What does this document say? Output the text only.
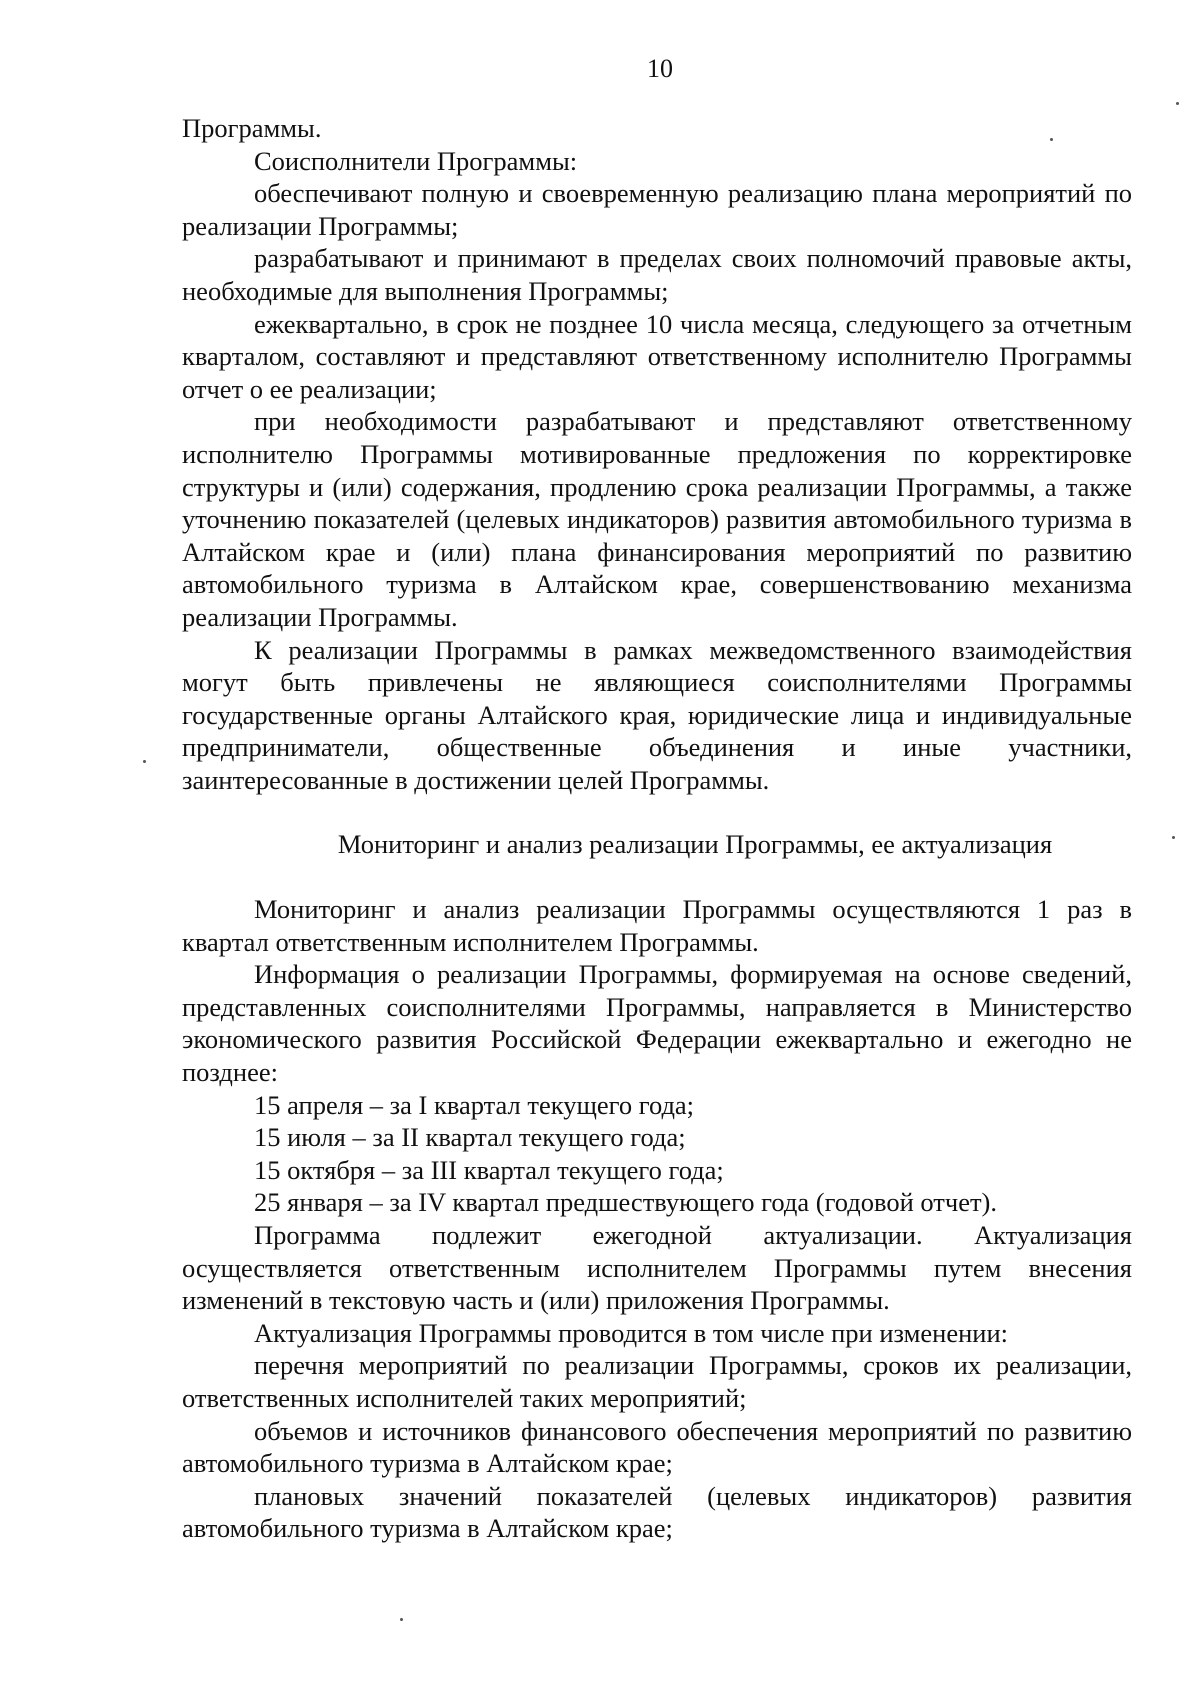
10

Программы.

Соисполнители Программы:

обеспечивают полную и своевременную реализацию плана мероприятий по реализации Программы;

разрабатывают и принимают в пределах своих полномочий правовые акты, необходимые для выполнения Программы;

ежеквартально, в срок не позднее 10 числа месяца, следующего за отчетным кварталом, составляют и представляют ответственному исполнителю Программы отчет о ее реализации;

при необходимости разрабатывают и представляют ответственному исполнителю Программы мотивированные предложения по корректировке структуры и (или) содержания, продлению срока реализации Программы, а также уточнению показателей (целевых индикаторов) развития автомобильного туризма в Алтайском крае и (или) плана финансирования мероприятий по развитию автомобильного туризма в Алтайском крае, совершенствованию механизма реализации Программы.

К реализации Программы в рамках межведомственного взаимодействия могут быть привлечены не являющиеся соисполнителями Программы государственные органы Алтайского края, юридические лица и индивидуальные предприниматели, общественные объединения и иные участники, заинтересованные в достижении целей Программы.

Мониторинг и анализ реализации Программы, ее актуализация

Мониторинг и анализ реализации Программы осуществляются 1 раз в квартал ответственным исполнителем Программы.

Информация о реализации Программы, формируемая на основе сведений, представленных соисполнителями Программы, направляется в Министерство экономического развития Российской Федерации ежеквартально и ежегодно не позднее:

15 апреля – за I квартал текущего года;

15 июля – за II квартал текущего года;

15 октября – за III квартал текущего года;

25 января – за IV квартал предшествующего года (годовой отчет).

Программа подлежит ежегодной актуализации. Актуализация осуществляется ответственным исполнителем Программы путем внесения изменений в текстовую часть и (или) приложения Программы.

Актуализация Программы проводится в том числе при изменении:

перечня мероприятий по реализации Программы, сроков их реализации, ответственных исполнителей таких мероприятий;

объемов и источников финансового обеспечения мероприятий по развитию автомобильного туризма в Алтайском крае;

плановых значений показателей (целевых индикаторов) развития автомобильного туризма в Алтайском крае;
